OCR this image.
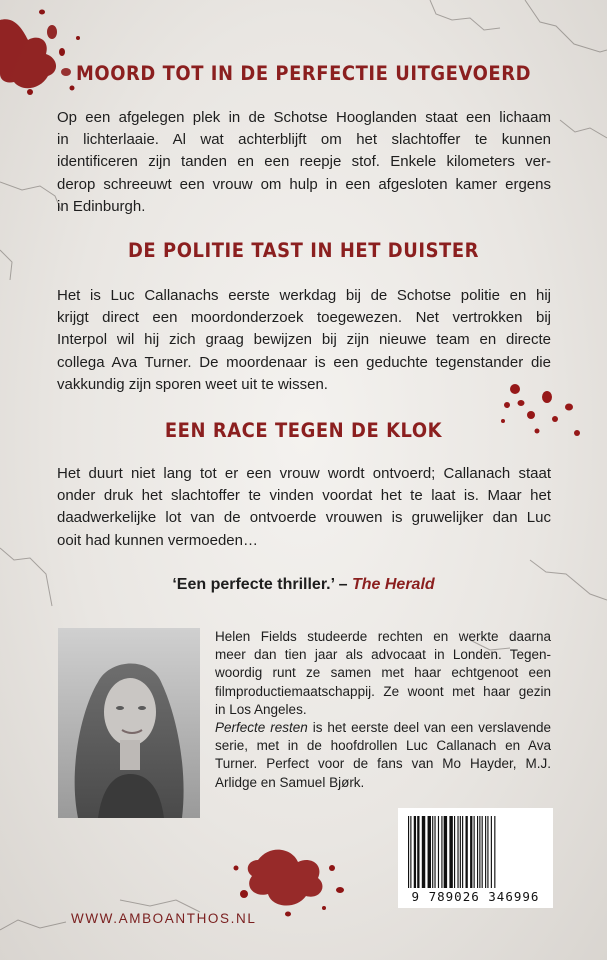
MOORD TOT IN DE PERFECTIE UITGEVOERD

Op een afgelegen plek in de Schotse Hooglanden staat een lichaam
in lichterlaaie. Al wat achterblijft om het slachtoffer te kunnen
identificeren zijn tanden en een reepje stof. Enkele kilometers ver-
derop schreeuwt een vrouw om hulp in een afgesloten kamer ergens
in Edinburgh.

DE POLITIE TAST IN HET DUISTER

Het is Luc Callanachs eerste werkdag bij de Schotse politie en hij
krijgt direct een moordonderzoek toegewezen. Net vertrokken bij
Interpol wil hij zich graag bewijzen bij zijn nieuwe team en directe
collega Ava Turner. De moordenaar is een geduchte tegenstander die
vakkundig zijn sporen weet uit te wissen.

EEN RACE TEGEN DE KLOK

Het duurt niet lang tot er een vrouw wordt ontvoerd; Callanach staat
onder druk het slachtoffer te vinden voordat het te laat is. Maar het
daadwerkelijke lot van de ontvoerde vrouwen is gruwelijker dan Luc
ooit had kunnen vermoeden…

‘Een perfecte thriller.’ – The Herald

Helen Fields studeerde rechten en werkte daarna
meer dan tien jaar als advocaat in Londen. Tegen-
woordig runt ze samen met haar echtgenoot een
filmproductiemaatschappij. Ze woont met haar gezin
in Los Angeles.
Perfecte resten is het eerste deel van een verslavende
serie, met in de hoofdrollen Luc Callanach en Ava
Turner. Perfect voor de fans van Mo Hayder, M.J.
Arlidge en Samuel Bjørk.

9 789026 346996
WWW.AMBOANTHOS.NL
